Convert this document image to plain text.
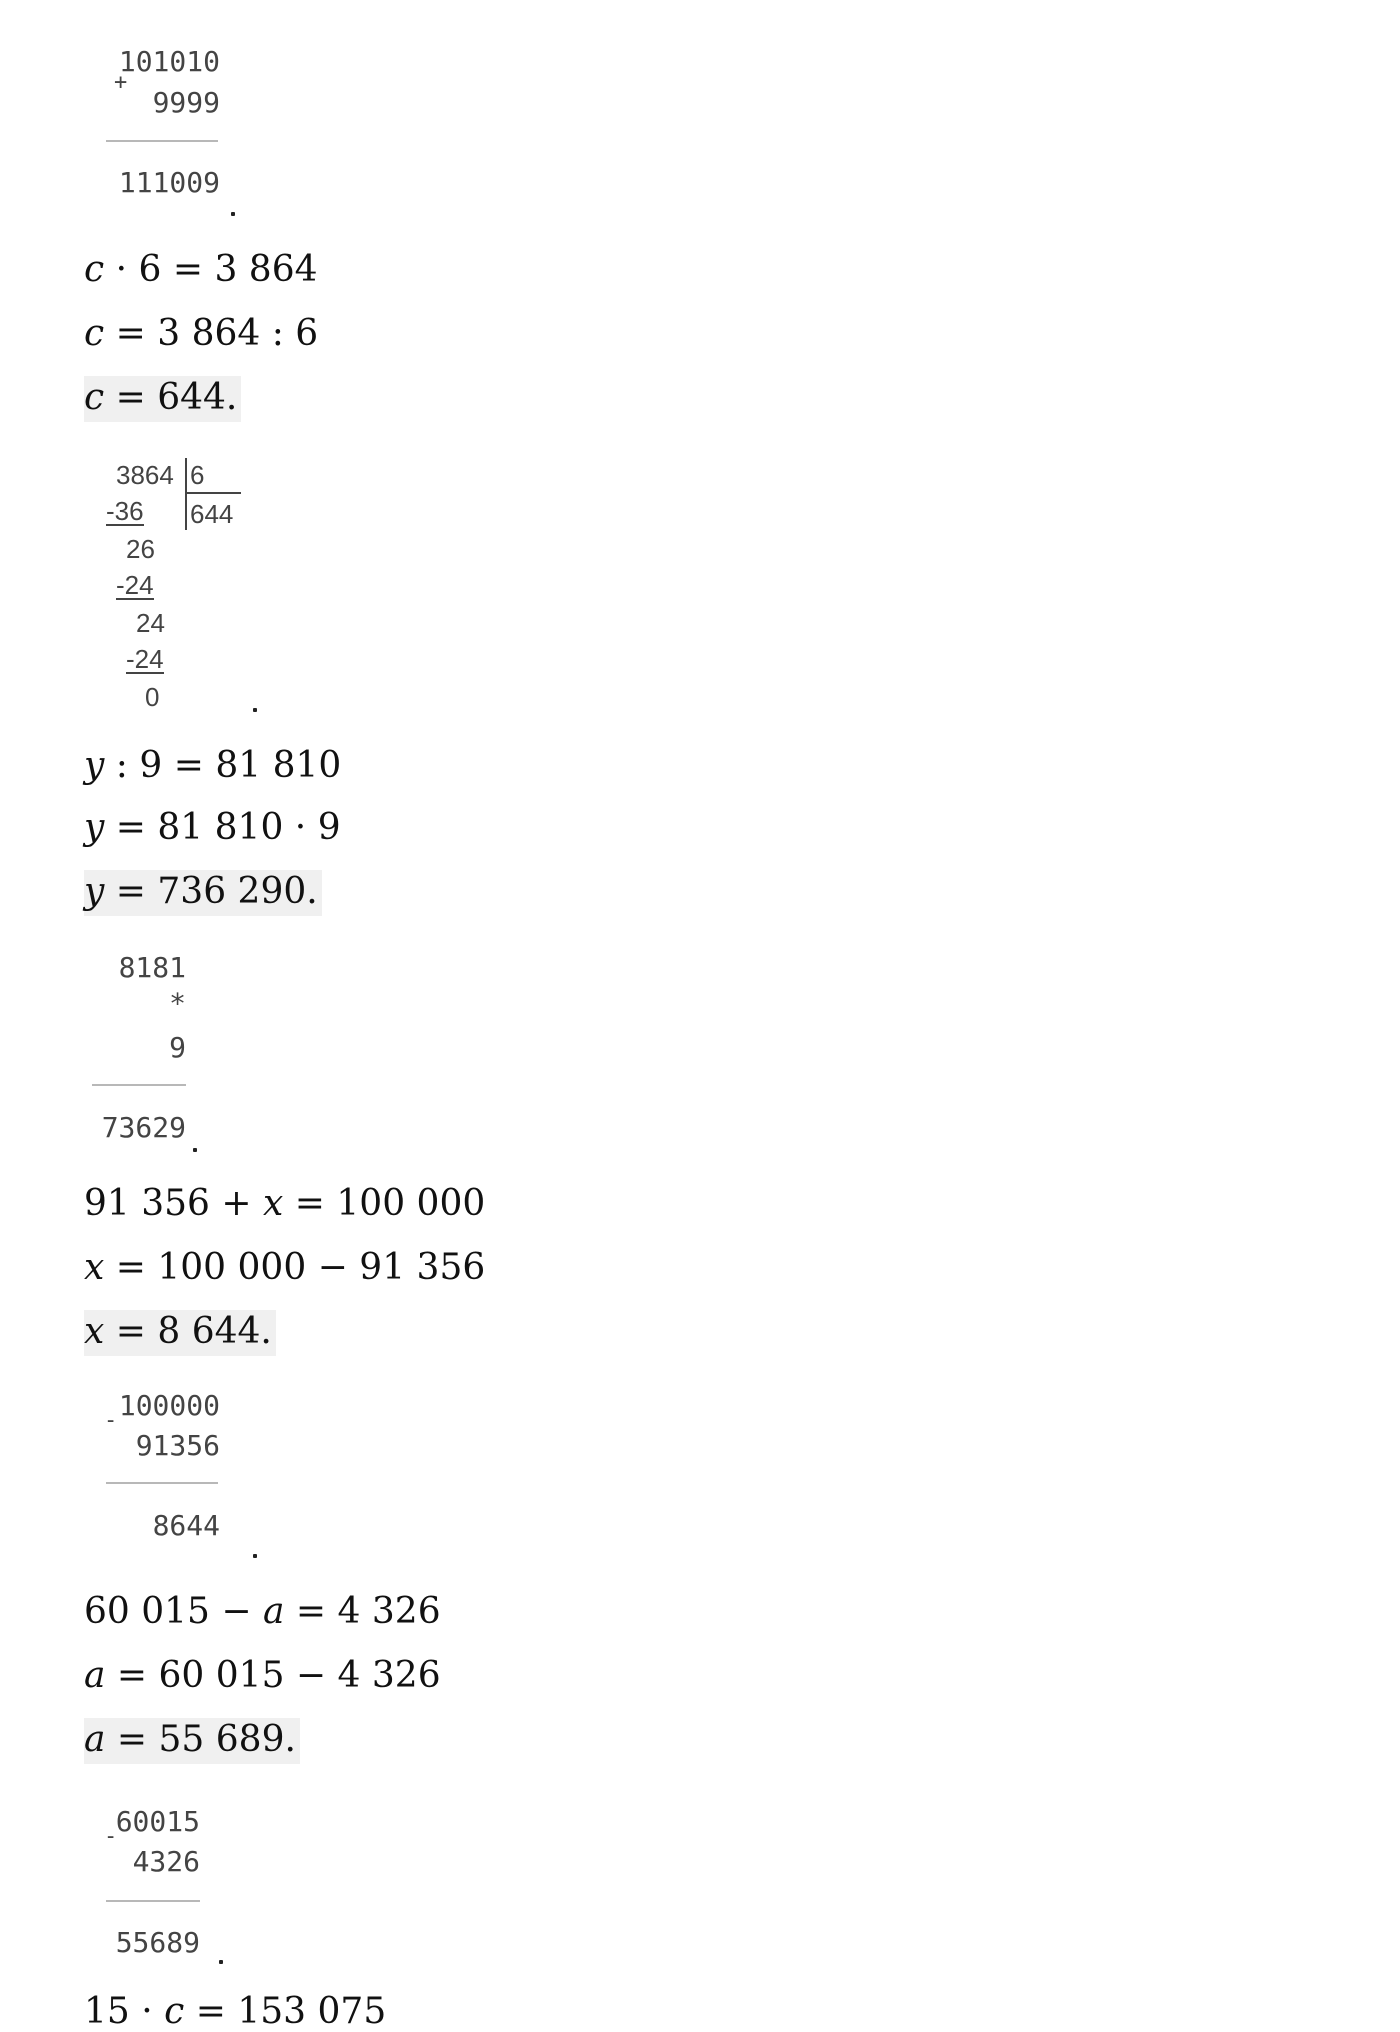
101010
+
9999
111009
c · 6 = 3 864
c = 3 864 : 6
c = 644.
3864 6
644
-36
26
-24
24
-24
0
y : 9 = 81 810
y = 81 810 · 9
y = 736 290.
8181
*
9
73629
91 356 + x = 100 000
x = 100 000 − 91 356
x = 8 644.
100000
-
91356
8644
60 015 − a = 4 326
a = 60 015 − 4 326
a = 55 689.
60015
-
4326
55689
15 · c = 153 075
